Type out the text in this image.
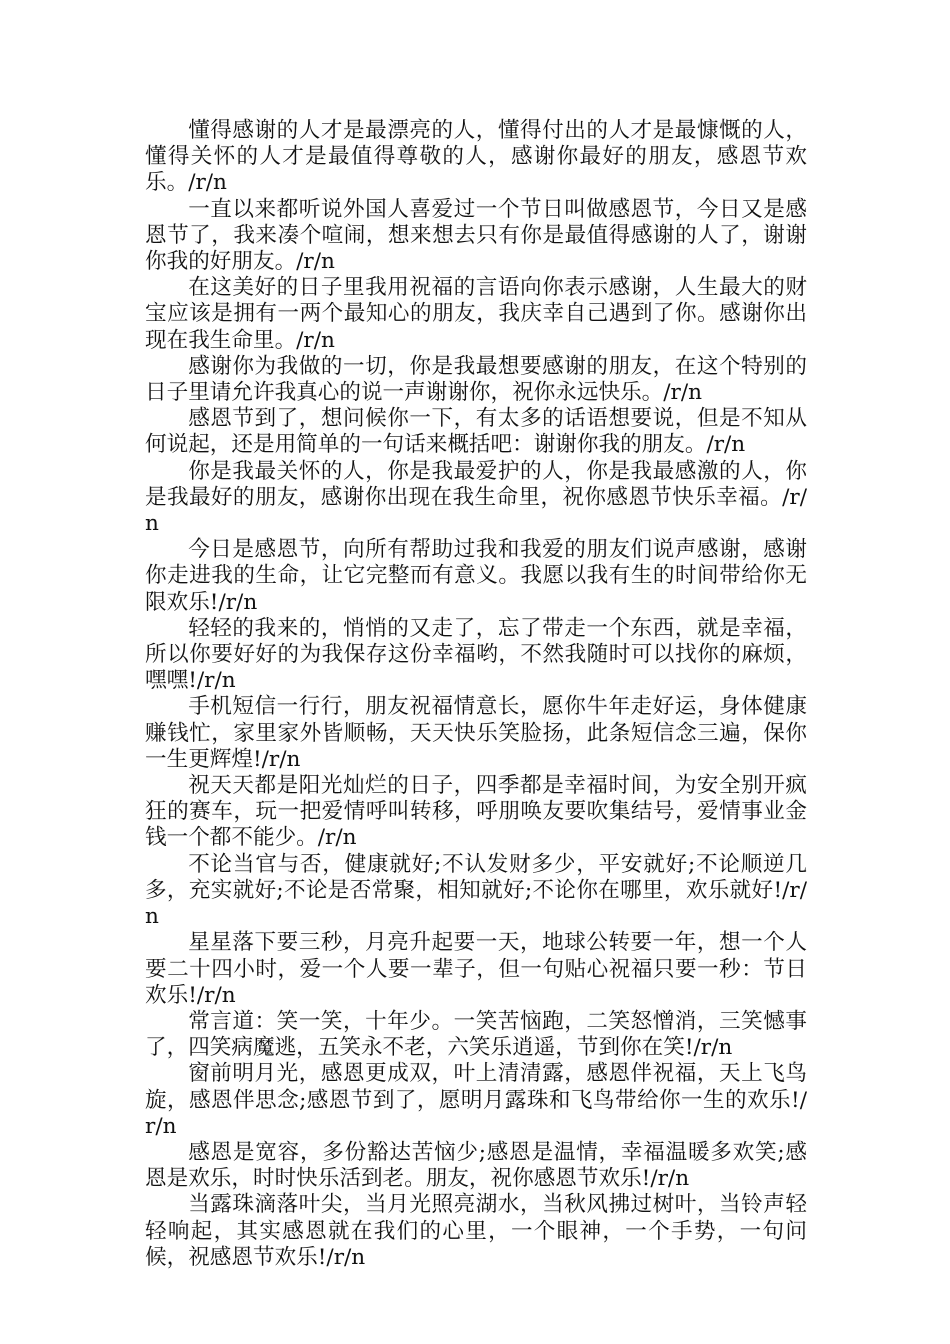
懂得感谢的人才是最漂亮的人，懂得付出的人才是最慷慨的人，懂得关怀的人才是最值得尊敬的人，感谢你最好的朋友，感恩节欢乐。/r/n

一直以来都听说外国人喜爱过一个节日叫做感恩节，今日又是感恩节了，我来凑个喧闹，想来想去只有你是最值得感谢的人了，谢谢你我的好朋友。/r/n

在这美好的日子里我用祝福的言语向你表示感谢，人生最大的财宝应该是拥有一两个最知心的朋友，我庆幸自己遇到了你。感谢你出现在我生命里。/r/n

感谢你为我做的一切，你是我最想要感谢的朋友，在这个特别的日子里请允许我真心的说一声谢谢你，祝你永远快乐。/r/n

感恩节到了，想问候你一下，有太多的话语想要说，但是不知从何说起，还是用简单的一句话来概括吧：谢谢你我的朋友。/r/n

你是我最关怀的人，你是我最爱护的人，你是我最感激的人，你是我最好的朋友，感谢你出现在我生命里，祝你感恩节快乐幸福。/r/n

今日是感恩节，向所有帮助过我和我爱的朋友们说声感谢，感谢你走进我的生命，让它完整而有意义。我愿以我有生的时间带给你无限欢乐!/r/n

轻轻的我来的，悄悄的又走了，忘了带走一个东西，就是幸福，所以你要好好的为我保存这份幸福哟，不然我随时可以找你的麻烦，嘿嘿!/r/n

手机短信一行行，朋友祝福情意长，愿你牛年走好运，身体健康赚钱忙，家里家外皆顺畅，天天快乐笑脸扬，此条短信念三遍，保你一生更辉煌!/r/n

祝天天都是阳光灿烂的日子，四季都是幸福时间，为安全别开疯狂的赛车，玩一把爱情呼叫转移，呼朋唤友要吹集结号，爱情事业金钱一个都不能少。/r/n

不论当官与否，健康就好;不认发财多少，平安就好;不论顺逆几多，充实就好;不论是否常聚，相知就好;不论你在哪里，欢乐就好!/r/n

星星落下要三秒，月亮升起要一天，地球公转要一年，想一个人要二十四小时，爱一个人要一辈子，但一句贴心祝福只要一秒：节日欢乐!/r/n

常言道：笑一笑，十年少。一笑苦恼跑，二笑怒憎消，三笑憾事了，四笑病魔逃，五笑永不老，六笑乐逍遥，节到你在笑!/r/n

窗前明月光，感恩更成双，叶上清清露，感恩伴祝福，天上飞鸟旋，感恩伴思念;感恩节到了，愿明月露珠和飞鸟带给你一生的欢乐!/r/n

感恩是宽容，多份豁达苦恼少;感恩是温情，幸福温暖多欢笑;感恩是欢乐，时时快乐活到老。朋友，祝你感恩节欢乐!/r/n

当露珠滴落叶尖，当月光照亮湖水，当秋风拂过树叶，当铃声轻轻响起，其实感恩就在我们的心里，一个眼神，一个手势，一句问候，祝感恩节欢乐!/r/n
